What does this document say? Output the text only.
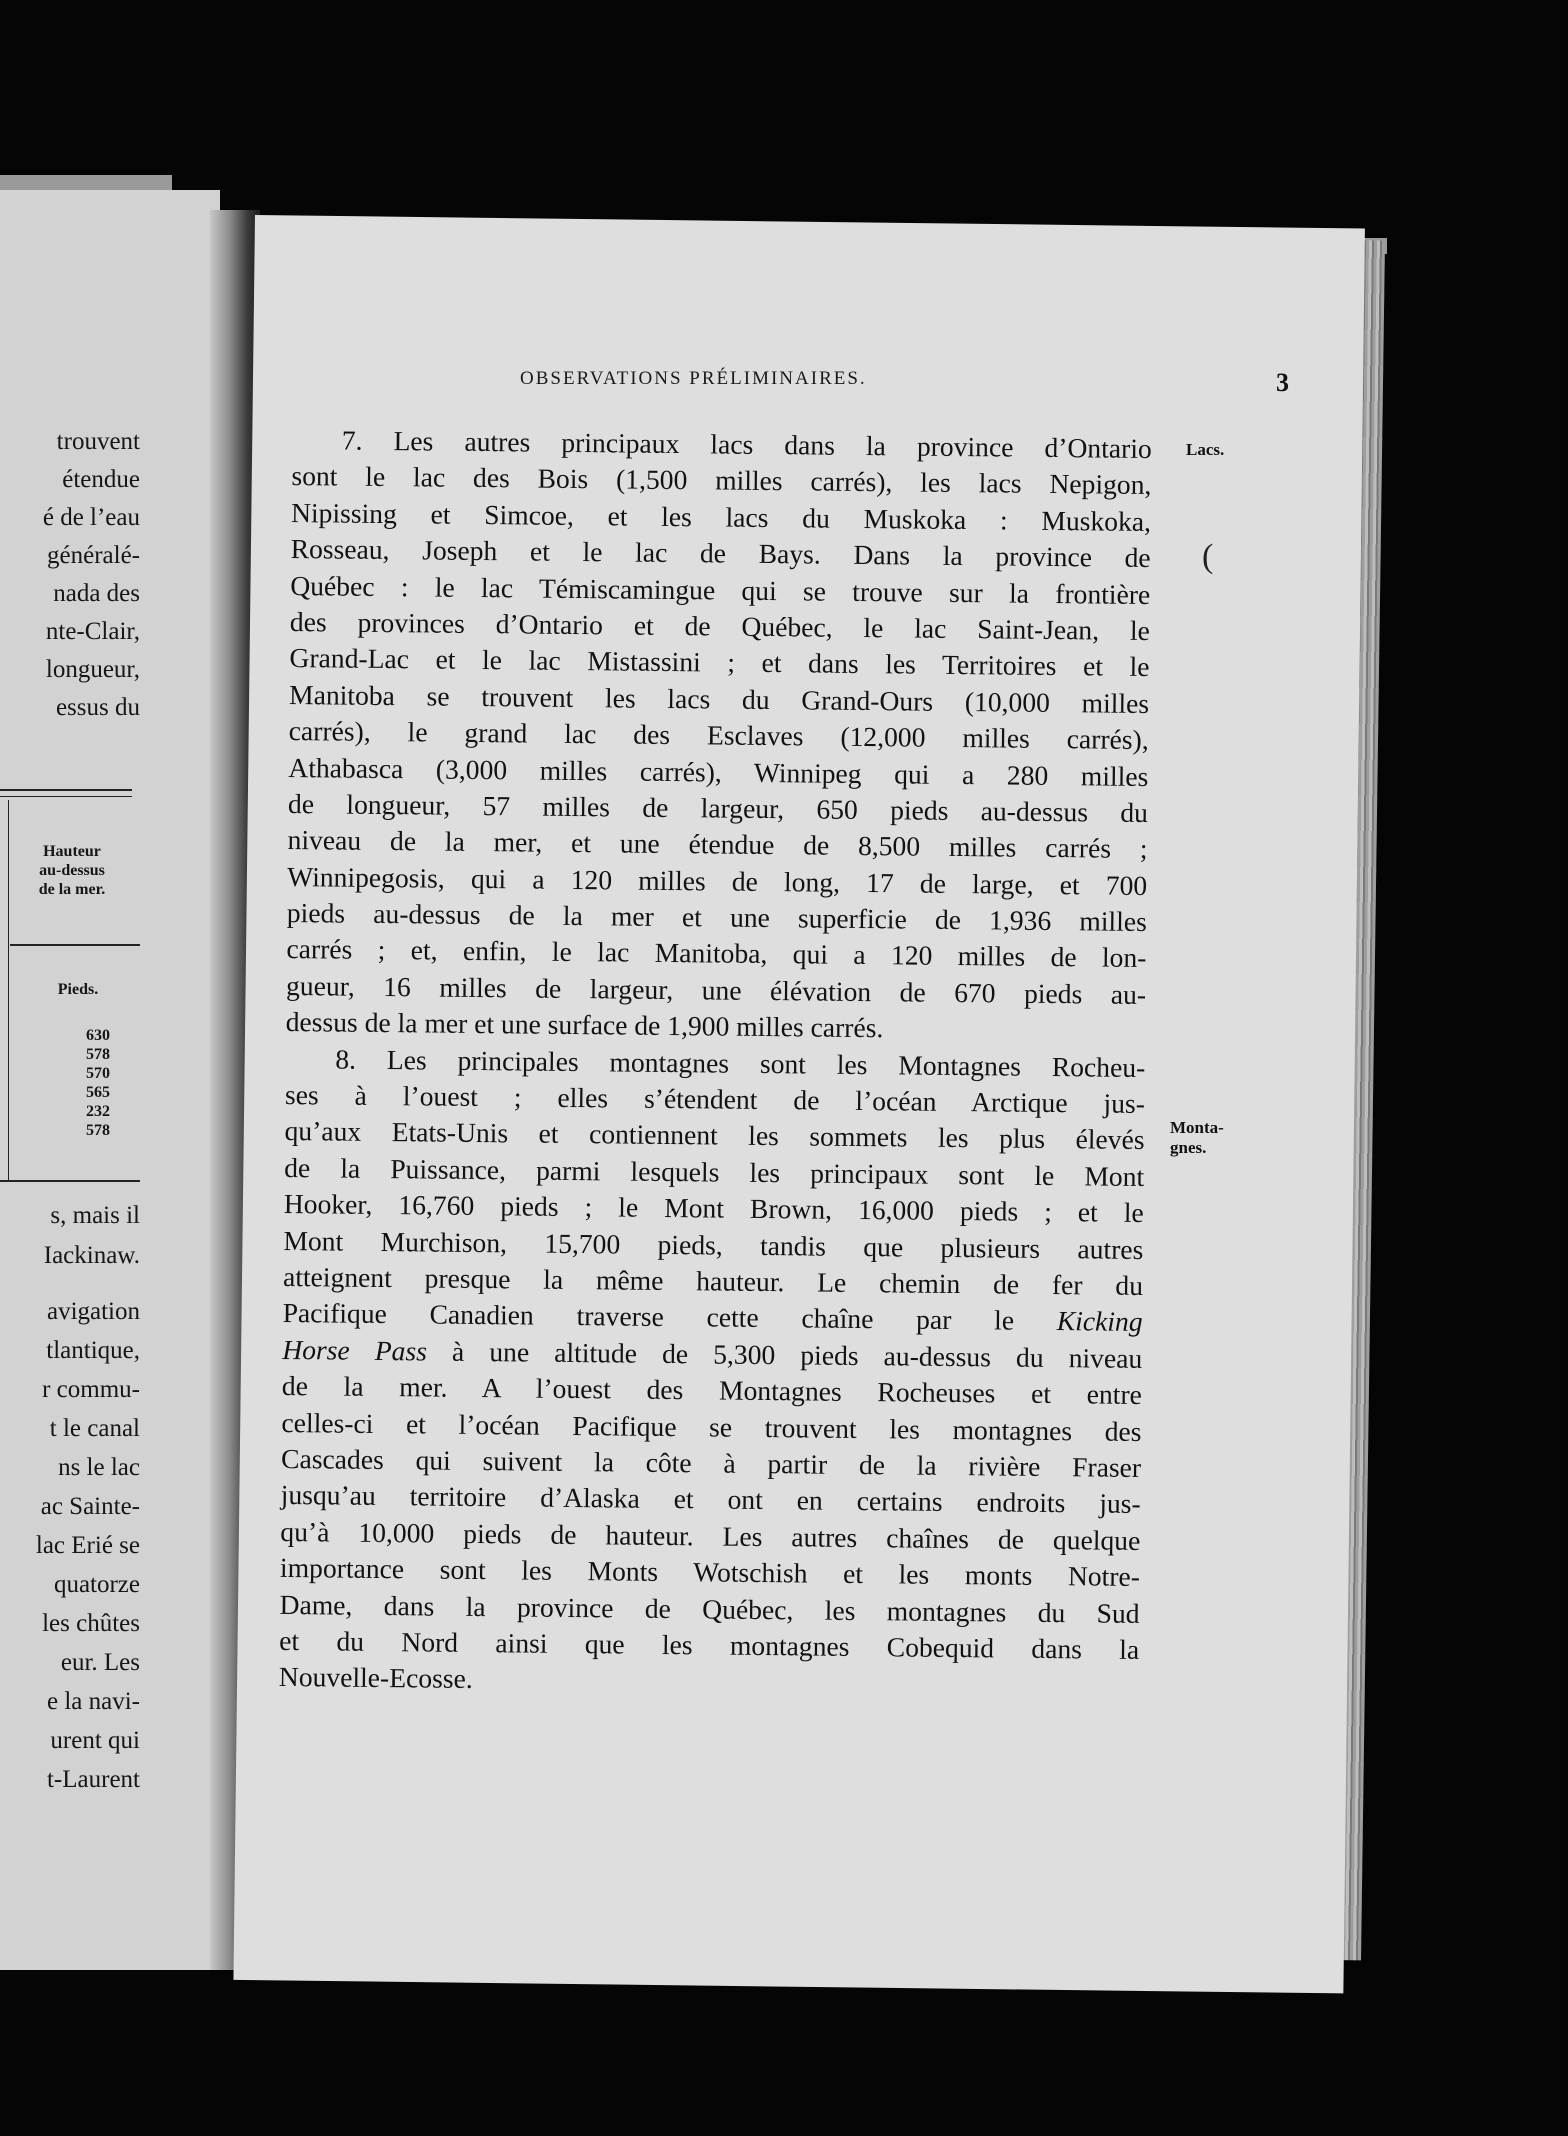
trouvent
étendue
é de l’eau
généralé-
nada des
nte-Clair,
longueur,
essus du
Hauteur
au-dessus
de la mer.
Pieds.
630
578
570
565
232
578
s, mais il
Iackinaw.
avigation
tlantique,
r commu-
t le canal
ns le lac
ac Sainte-
lac Erié se
quatorze
les chûtes
eur. Les
e la navi-
urent qui
t-Laurent
OBSERVATIONS PRÉLIMINAIRES.	3
Lacs.
(
Monta-
gnes.
7. Les autres principaux lacs dans la province d’Ontario
sont le lac des Bois (1,500 milles carrés), les lacs Nepigon,
Nipissing et Simcoe, et les lacs du Muskoka : Muskoka,
Rosseau, Joseph et le lac de Bays. Dans la province de
Québec : le lac Témiscamingue qui se trouve sur la frontière
des provinces d’Ontario et de Québec, le lac Saint-Jean, le
Grand-Lac et le lac Mistassini ; et dans les Territoires et le
Manitoba se trouvent les lacs du Grand-Ours (10,000 milles
carrés), le grand lac des Esclaves (12,000 milles carrés),
Athabasca (3,000 milles carrés), Winnipeg qui a 280 milles
de longueur, 57 milles de largeur, 650 pieds au-dessus du
niveau de la mer, et une étendue de 8,500 milles carrés ;
Winnipegosis, qui a 120 milles de long, 17 de large, et 700
pieds au-dessus de la mer et une superficie de 1,936 milles
carrés ; et, enfin, le lac Manitoba, qui a 120 milles de lon-
gueur, 16 milles de largeur, une élévation de 670 pieds au-
dessus de la mer et une surface de 1,900 milles carrés.
8. Les principales montagnes sont les Montagnes Rocheu-
ses à l’ouest ; elles s’étendent de l’océan Arctique jus-
qu’aux Etats-Unis et contiennent les sommets les plus élevés
de la Puissance, parmi lesquels les principaux sont le Mont
Hooker, 16,760 pieds ; le Mont Brown, 16,000 pieds ; et le
Mont Murchison, 15,700 pieds, tandis que plusieurs autres
atteignent presque la même hauteur. Le chemin de fer du
Pacifique Canadien traverse cette chaîne par le Kicking
Horse Pass à une altitude de 5,300 pieds au-dessus du niveau
de la mer. A l’ouest des Montagnes Rocheuses et entre
celles-ci et l’océan Pacifique se trouvent les montagnes des
Cascades qui suivent la côte à partir de la rivière Fraser
jusqu’au territoire d’Alaska et ont en certains endroits jus-
qu’à 10,000 pieds de hauteur. Les autres chaînes de quelque
importance sont les Monts Wotschish et les monts Notre-
Dame, dans la province de Québec, les montagnes du Sud
et du Nord ainsi que les montagnes Cobequid dans la
Nouvelle-Ecosse.
